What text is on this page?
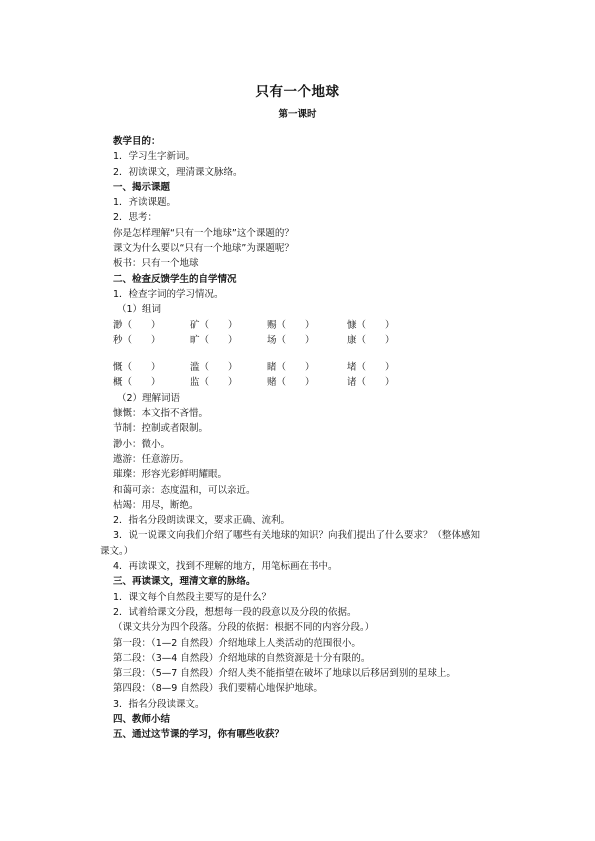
只有一个地球
第一课时
教学目的：
1．学习生字新词。
2．初读课文，理清课文脉络。
一、揭示课题
1．齐读课题。
2．思考：
你是怎样理解“只有一个地球”这个课题的？
课文为什么要以“只有一个地球”为课题呢？
板书：只有一个地球
二、检查反馈学生的自学情况
1．检查字词的学习情况。
（1）组词
渺（　　）	矿（　　）	赐（　　）	慷（　　）
秒（　　）	旷（　　）	场（　　）	康（　　）
慨（　　）	滥（　　）	睹（　　）	堵（　　）
概（　　）	监（　　）	赌（　　）	诸（　　）
（2）理解词语
慷慨：本文指不吝惜。
节制：控制或者限制。
渺小：微小。
遨游：任意游历。
璀璨：形容光彩鲜明耀眼。
和蔼可亲：态度温和，可以亲近。
枯竭：用尽，断绝。
2．指名分段朗读课文，要求正确、流利。
3．说一说课文向我们介绍了哪些有关地球的知识？向我们提出了什么要求？（整体感知课文。）
4．再读课文，找到不理解的地方，用笔标画在书中。
三、再读课文，理清文章的脉络。
1．课文每个自然段主要写的是什么？
2．试着给课文分段，想想每一段的段意以及分段的依据。
（课文共分为四个段落。分段的依据：根据不同的内容分段。）
第一段：（1—2 自然段）介绍地球上人类活动的范围很小。
第二段：（3—4 自然段）介绍地球的自然资源是十分有限的。
第三段：（5—7 自然段）介绍人类不能指望在破坏了地球以后移居到别的星球上。
第四段：（8—9 自然段）我们要精心地保护地球。
3．指名分段读课文。
四、教师小结
五、通过这节课的学习，你有哪些收获？
